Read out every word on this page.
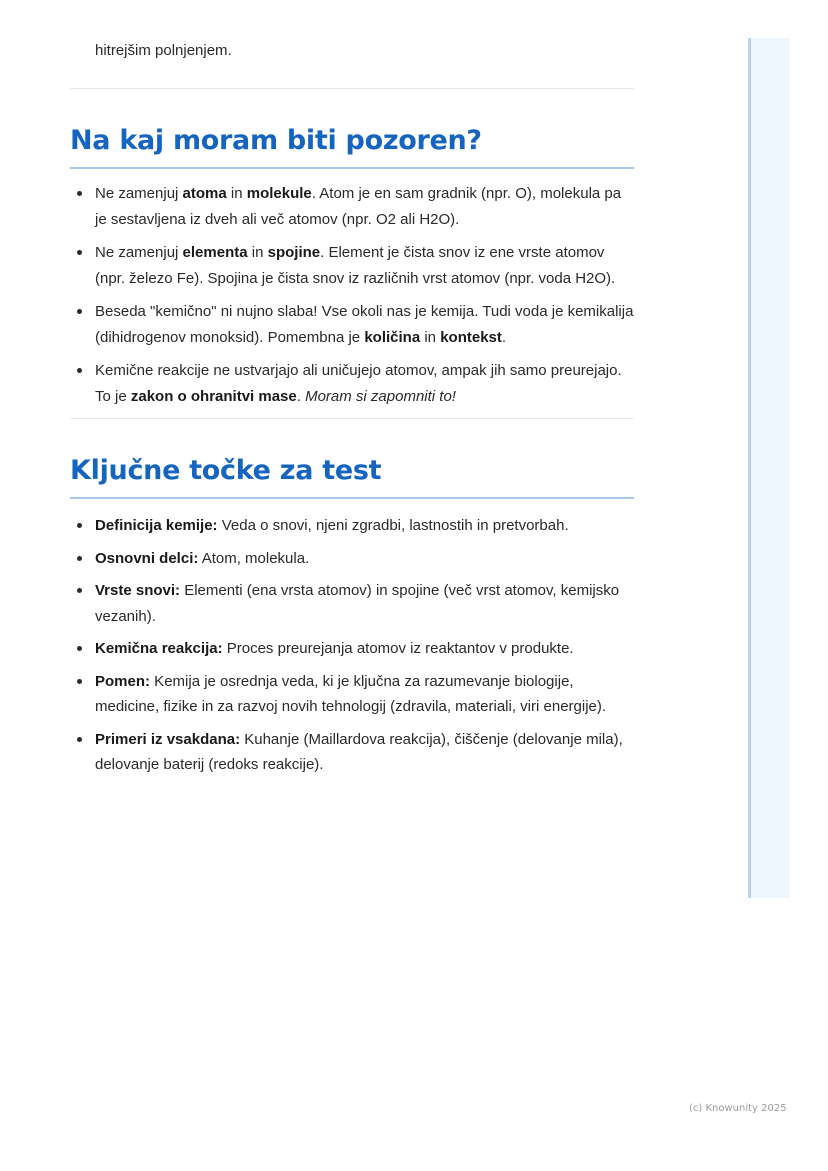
hitrejšim polnjenjem.

Na kaj moram biti pozoren?
Ne zamenjuj atoma in molekule. Atom je en sam gradnik (npr. O), molekula pa je sestavljena iz dveh ali več atomov (npr. O2 ali H2O).
Ne zamenjuj elementa in spojine. Element je čista snov iz ene vrste atomov (npr. železo Fe). Spojina je čista snov iz različnih vrst atomov (npr. voda H2O).
Beseda "kemično" ni nujno slaba! Vse okoli nas je kemija. Tudi voda je kemikalija (dihidrogenov monoksid). Pomembna je količina in kontekst.
Kemične reakcije ne ustvarjajo ali uničujejo atomov, ampak jih samo preurejajo. To je zakon o ohranitvi mase. Moram si zapomniti to!
Ključne točke za test
Definicija kemije: Veda o snovi, njeni zgradbi, lastnostih in pretvorbah.
Osnovni delci: Atom, molekula.
Vrste snovi: Elementi (ena vrsta atomov) in spojine (več vrst atomov, kemijsko vezanih).
Kemična reakcija: Proces preurejanja atomov iz reaktantov v produkte.
Pomen: Kemija je osrednja veda, ki je ključna za razumevanje biologije, medicine, fizike in za razvoj novih tehnologij (zdravila, materiali, viri energije).
Primeri iz vsakdana: Kuhanje (Maillardova reakcija), čiščenje (delovanje mila), delovanje baterij (redoks reakcije).
(c) Knowunity 2025
